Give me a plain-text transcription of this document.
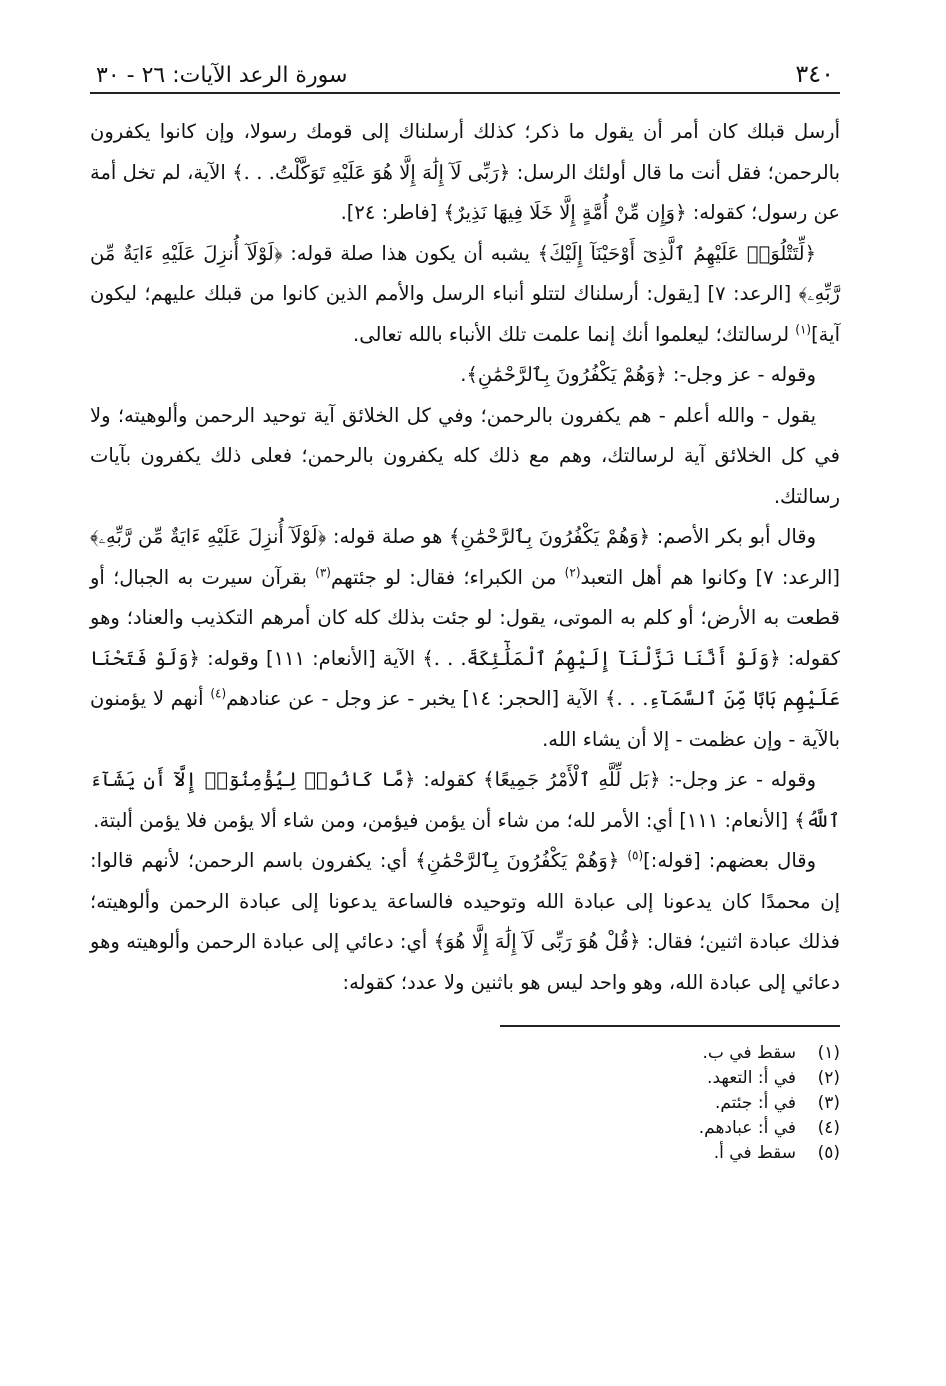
٣٤٠
سورة الرعد الآيات: ٢٦ - ٣٠

أرسل قبلك كان أمر أن يقول ما ذكر؛ كذلك أرسلناك إلى قومك رسولا، وإن كانوا يكفرون بالرحمن؛ فقل أنت ما قال أولئك الرسل: ﴿رَبِّى لَآ إِلَٰهَ إِلَّا هُوَ عَلَيْهِ تَوَكَّلْتُ. . .﴾ الآية، لم تخل أمة عن رسول؛ كقوله: ﴿وَإِن مِّنْ أُمَّةٍ إِلَّا خَلَا فِيهَا نَذِيرٌ﴾ [فاطر: ٢٤].

﴿لِّتَتْلُوَا۟ عَلَيْهِمُ ٱلَّذِىٓ أَوْحَيْنَآ إِلَيْكَ﴾ يشبه أن يكون هذا صلة قوله: ﴿لَوْلَآ أُنزِلَ عَلَيْهِ ءَايَةٌ مِّن رَّبِّهِۦ﴾ [الرعد: ٧] [يقول: أرسلناك لتتلو أنباء الرسل والأمم الذين كانوا من قبلك عليهم؛ ليكون آية]$^{(١)}$ لرسالتك؛ ليعلموا أنك إنما علمت تلك الأنباء بالله تعالى.

وقوله - عز وجل-: ﴿وَهُمْ يَكْفُرُونَ بِٱلرَّحْمَٰنِ﴾.

يقول - والله أعلم - هم يكفرون بالرحمن؛ وفي كل الخلائق آية توحيد الرحمن وألوهيته؛ ولا في كل الخلائق آية لرسالتك، وهم مع ذلك كله يكفرون بالرحمن؛ فعلى ذلك يكفرون بآيات رسالتك.

وقال أبو بكر الأصم: ﴿وَهُمْ يَكْفُرُونَ بِٱلرَّحْمَٰنِ﴾ هو صلة قوله: ﴿لَوْلَآ أُنزِلَ عَلَيْهِ ءَايَةٌ مِّن رَّبِّهِۦ﴾ [الرعد: ٧] وكانوا هم أهل التعبد$^{(٢)}$ من الكبراء؛ فقال: لو جئتهم$^{(٣)}$ بقرآن سيرت به الجبال؛ أو قطعت به الأرض؛ أو كلم به الموتى، يقول: لو جئت بذلك كله كان أمرهم التكذيب والعناد؛ وهو كقوله: ﴿وَلَوْ أَنَّنَا نَزَّلْنَآ إِلَيْهِمُ ٱلْمَلَٰٓئِكَةَ. . .﴾ الآية [الأنعام: ١١١] وقوله: ﴿وَلَوْ فَتَحْنَا عَلَيْهِم بَابًا مِّنَ ٱلسَّمَآءِ. . .﴾ الآية [الحجر: ١٤] يخبر - عز وجل - عن عنادهم$^{(٤)}$ أنهم لا يؤمنون بالآية - وإن عظمت - إلا أن يشاء الله.

وقوله - عز وجل-: ﴿بَل لِّلَّهِ ٱلْأَمْرُ جَمِيعًا﴾ كقوله: ﴿مَّا كَانُوا۟ لِيُؤْمِنُوٓا۟ إِلَّآ أَن يَشَآءَ ٱللَّهُ﴾ [الأنعام: ١١١] أي: الأمر لله؛ من شاء أن يؤمن فيؤمن، ومن شاء ألا يؤمن فلا يؤمن ألبتة.

وقال بعضهم: [قوله:]$^{(٥)}$ ﴿وَهُمْ يَكْفُرُونَ بِٱلرَّحْمَٰنِ﴾ أي: يكفرون باسم الرحمن؛ لأنهم قالوا: إن محمدًا كان يدعونا إلى عبادة الله وتوحيده فالساعة يدعونا إلى عبادة الرحمن وألوهيته؛ فذلك عبادة اثنين؛ فقال: ﴿قُلْ هُوَ رَبِّى لَآ إِلَٰهَ إِلَّا هُوَ﴾ أي: دعائي إلى عبادة الرحمن وألوهيته وهو دعائي إلى عبادة الله، وهو واحد ليس هو باثنين ولا عدد؛ كقوله:

(١)
سقط في ب.
(٢)
في أ: التعهد.
(٣)
في أ: جئتم.
(٤)
في أ: عبادهم.
(٥)
سقط في أ.
